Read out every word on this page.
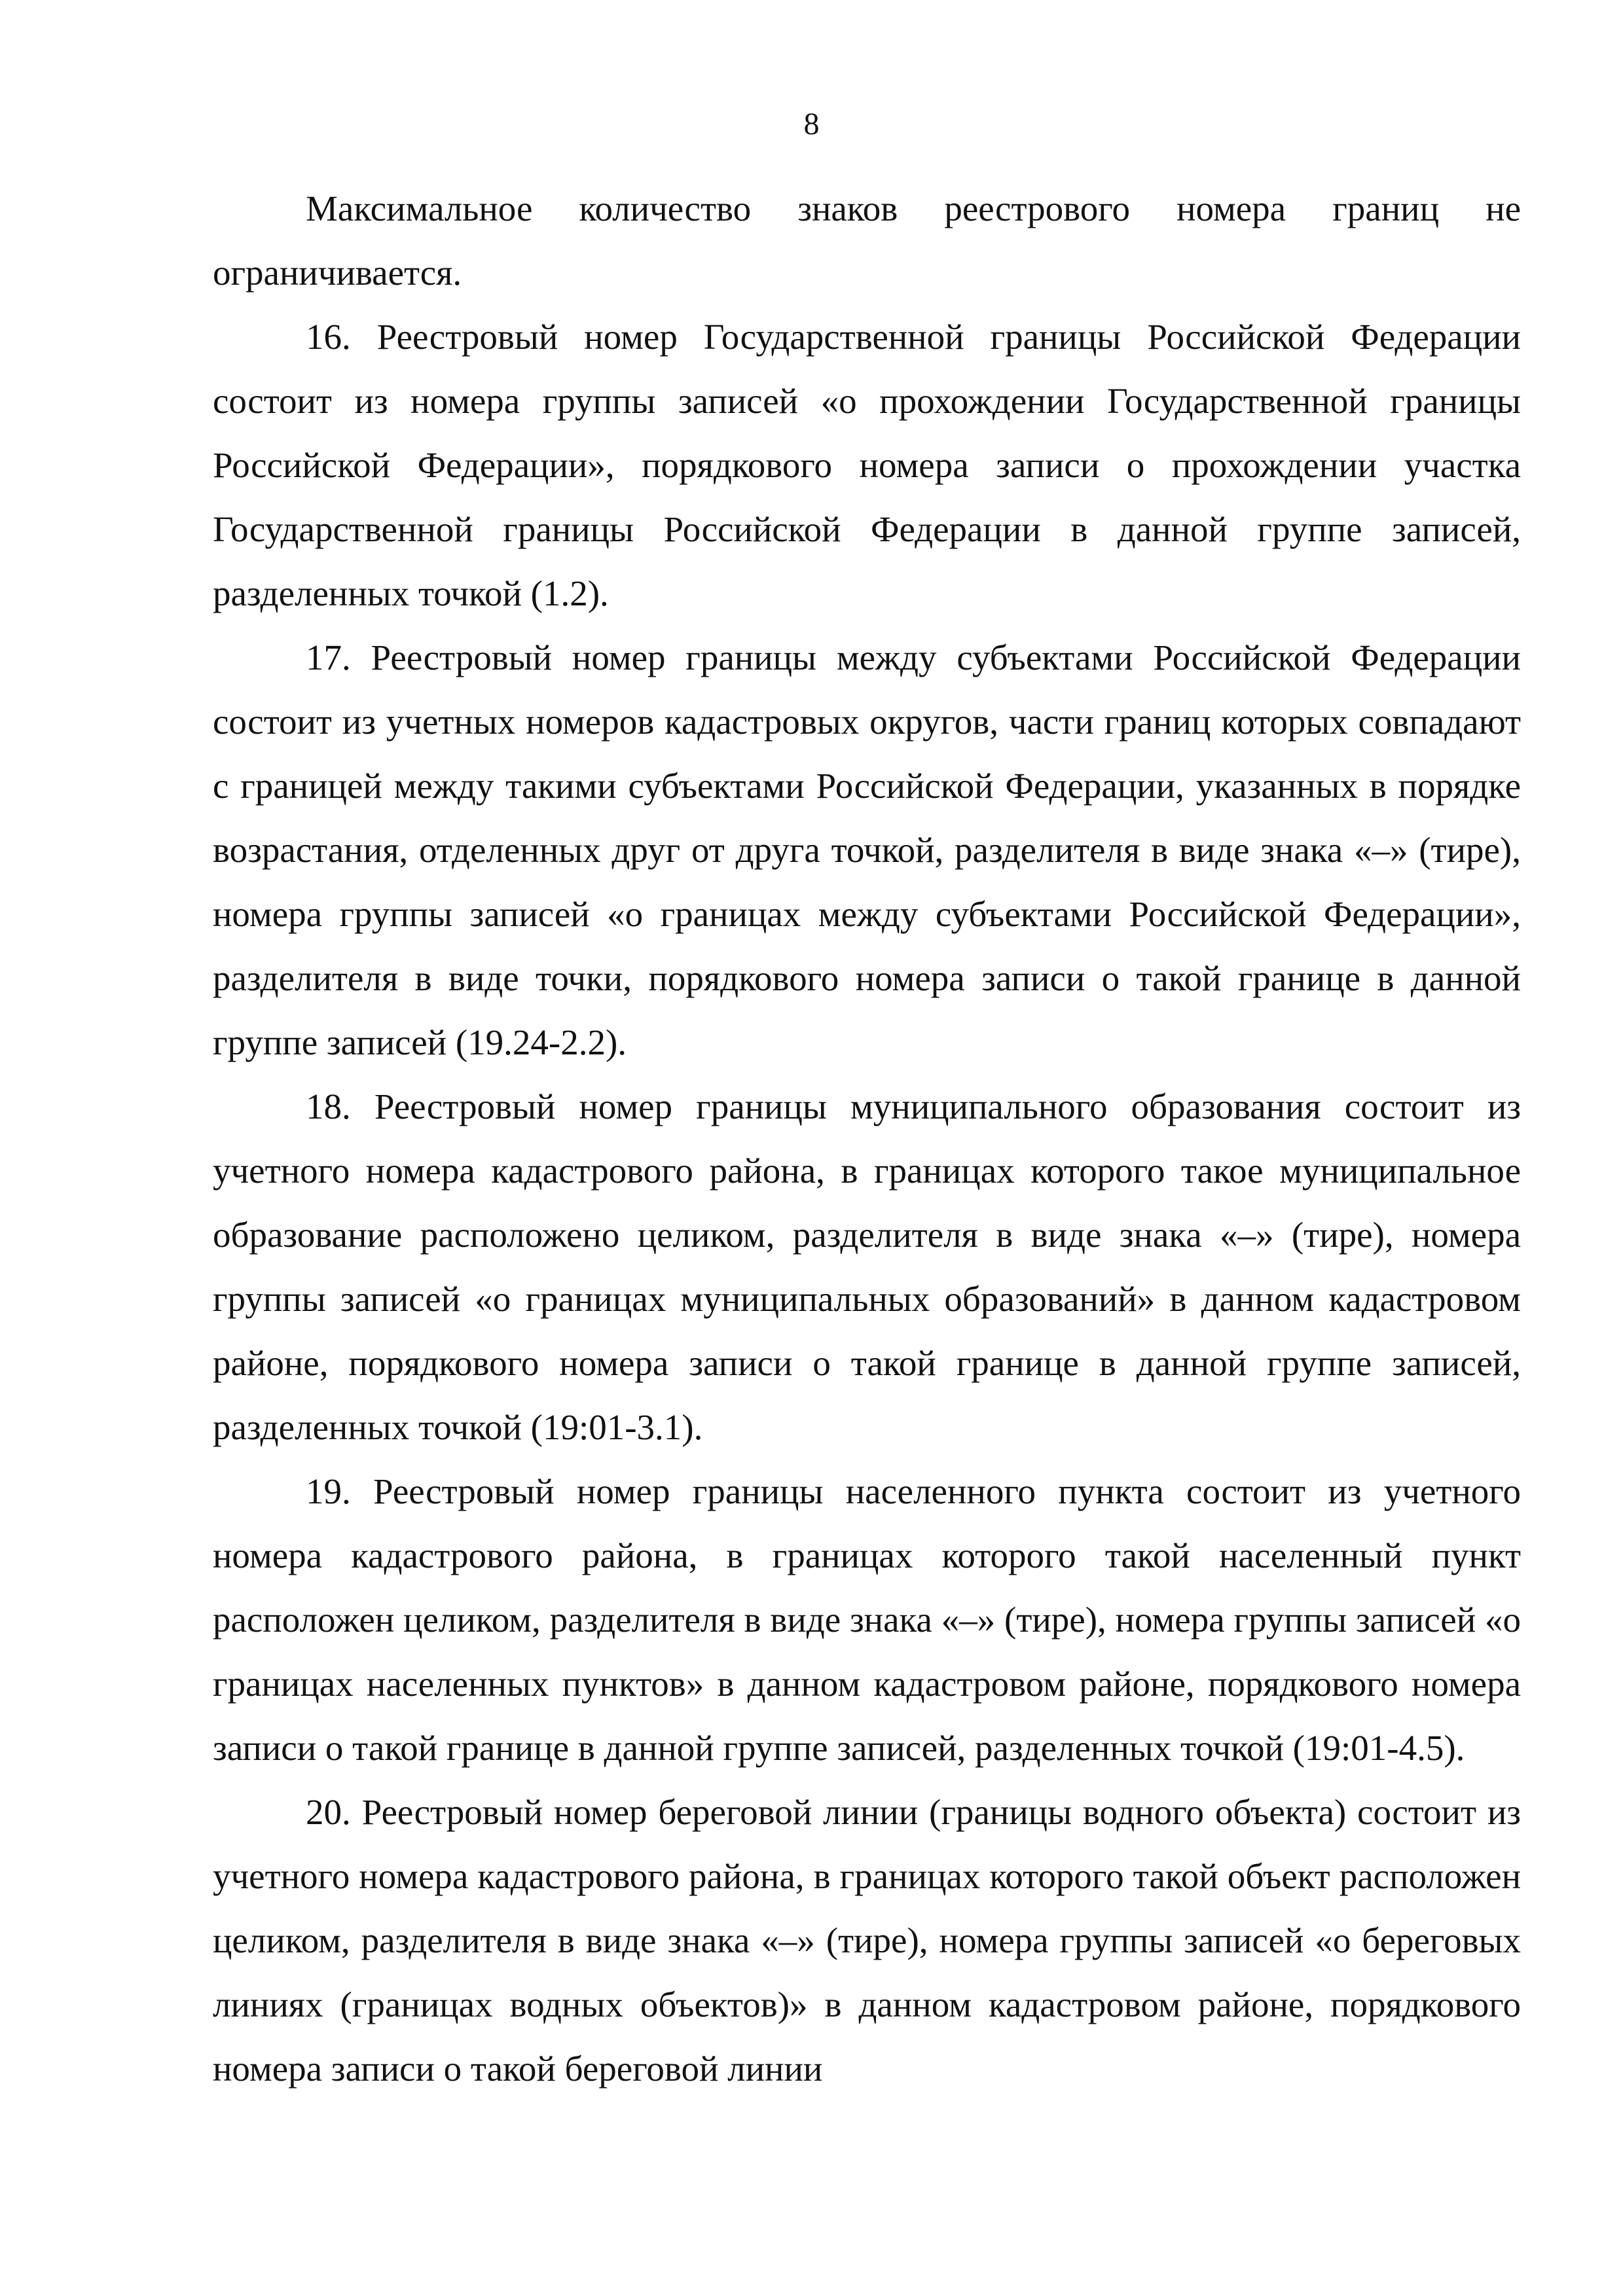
8

Максимальное количество знаков реестрового номера границ не ограничивается.

16. Реестровый номер Государственной границы Российской Федерации состоит из номера группы записей «о прохождении Государственной границы Российской Федерации», порядкового номера записи о прохождении участка Государственной границы Российской Федерации в данной группе записей, разделенных точкой (1.2).

17. Реестровый номер границы между субъектами Российской Федерации состоит из учетных номеров кадастровых округов, части границ которых совпадают с границей между такими субъектами Российской Федерации, указанных в порядке возрастания, отделенных друг от друга точкой, разделителя в виде знака «–» (тире), номера группы записей «о границах между субъектами Российской Федерации», разделителя в виде точки, порядкового номера записи о такой границе в данной группе записей (19.24-2.2).

18. Реестровый номер границы муниципального образования состоит из учетного номера кадастрового района, в границах которого такое муниципальное образование расположено целиком, разделителя в виде знака «–» (тире), номера группы записей «о границах муниципальных образований» в данном кадастровом районе, порядкового номера записи о такой границе в данной группе записей, разделенных точкой (19:01-3.1).

19. Реестровый номер границы населенного пункта состоит из учетного номера кадастрового района, в границах которого такой населенный пункт расположен целиком, разделителя в виде знака «–» (тире), номера группы записей «о границах населенных пунктов» в данном кадастровом районе, порядкового номера записи о такой границе в данной группе записей, разделенных точкой (19:01-4.5).

20. Реестровый номер береговой линии (границы водного объекта) состоит из учетного номера кадастрового района, в границах которого такой объект расположен целиком, разделителя в виде знака «–» (тире), номера группы записей «о береговых линиях (границах водных объектов)» в данном кадастровом районе, порядкового номера записи о такой береговой линии
